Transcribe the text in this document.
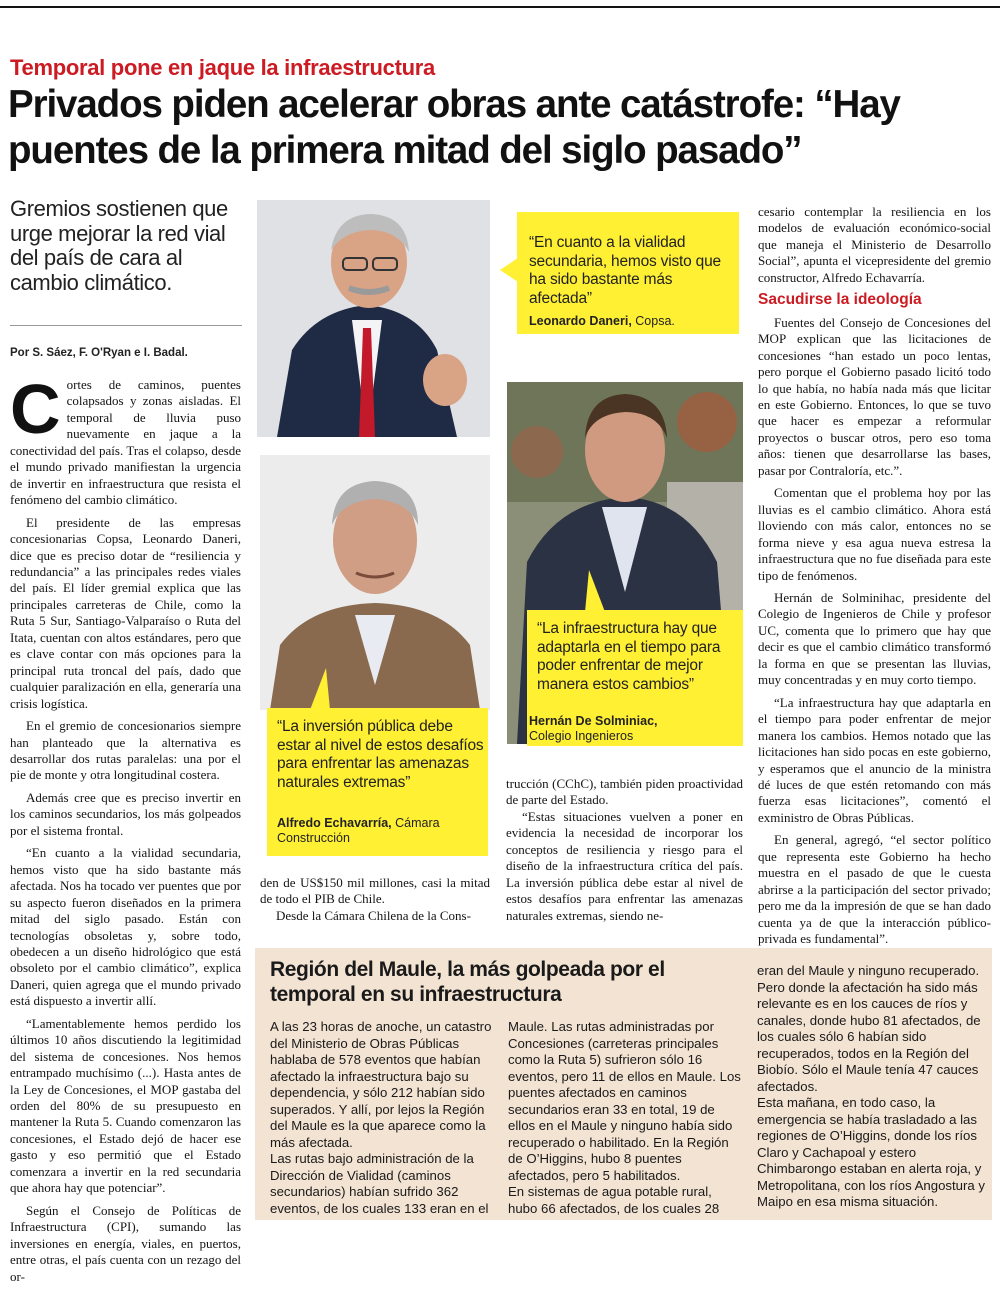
Temporal pone en jaque la infraestructura
Privados piden acelerar obras ante catástrofe: “Hay puentes de la primera mitad del siglo pasado”
Gremios sostienen que urge mejorar la red vial del país de cara al cambio climático.
Por S. Sáez, F. O'Ryan e I. Badal.
C ortes de caminos, puentes colapsados y zonas aisladas. El temporal de lluvia puso nuevamente en jaque a la conectividad del país. Tras el colapso, desde el mundo privado manifiestan la urgencia de invertir en infraestructura que resista el fenómeno del cambio climático.

El presidente de las empresas concesionarias Copsa, Leonardo Daneri, dice que es preciso dotar de “resiliencia y redundancia” a las principales redes viales del país. El líder gremial explica que las principales carreteras de Chile, como la Ruta 5 Sur, Santiago-Valparaíso o Ruta del Itata, cuentan con altos estándares, pero que es clave contar con más opciones para la principal ruta troncal del país, dado que cualquier paralización en ella, generaría una crisis logística.

En el gremio de concesionarios siempre han planteado que la alternativa es desarrollar dos rutas paralelas: una por el pie de monte y otra longitudinal costera.

Además cree que es preciso invertir en los caminos secundarios, los más golpeados por el sistema frontal.

“En cuanto a la vialidad secundaria, hemos visto que ha sido bastante más afectada. Nos ha tocado ver puentes que por su aspecto fueron diseñados en la primera mitad del siglo pasado. Están con tecnologías obsoletas y, sobre todo, obedecen a un diseño hidrológico que está obsoleto por el cambio climático”, explica Daneri, quien agrega que el mundo privado está dispuesto a invertir allí.

“Lamentablemente hemos perdido los últimos 10 años discutiendo la legitimidad del sistema de concesiones. Nos hemos entrampado muchísimo (...). Hasta antes de la Ley de Concesiones, el MOP gastaba del orden del 80% de su presupuesto en mantener la Ruta 5. Cuando comenzaron las concesiones, el Estado dejó de hacer ese gasto y eso permitió que el Estado comenzara a invertir en la red secundaria que ahora hay que potenciar”.

Según el Consejo de Políticas de Infraestructura (CPI), sumando las inversiones en energía, viales, en puertos, entre otras, el país cuenta con un rezago del or-

“En cuanto a la vialidad secundaria, hemos visto que ha sido bastante más afectada”
Leonardo Daneri, Copsa.
“La inversión pública debe estar al nivel de estos desafíos para enfrentar las amenazas naturales extremas”
Alfredo Echavarría, Cámara Construcción
“La infraestructura hay que adaptarla en el tiempo para poder enfrentar de mejor manera estos cambios”
Hernán De Solminiac,
Colegio Ingenieros

den de US$150 mil millones, casi la mitad de todo el PIB de Chile.

Desde la Cámara Chilena de la Cons-

trucción (CChC), también piden proactividad de parte del Estado.

“Estas situaciones vuelven a poner en evidencia la necesidad de incorporar los conceptos de resiliencia y riesgo para el diseño de la infraestructura crítica del país. La inversión pública debe estar al nivel de estos desafíos para enfrentar las amenazas naturales extremas, siendo ne-

cesario contemplar la resiliencia en los modelos de evaluación económico-social que maneja el Ministerio de Desarrollo Social”, apunta el vicepresidente del gremio constructor, Alfredo Echavarría.

Sacudirse la ideología

Fuentes del Consejo de Concesiones del MOP explican que las licitaciones de concesiones “han estado un poco lentas, pero porque el Gobierno pasado licitó todo lo que había, no había nada más que licitar en este Gobierno. Entonces, lo que se tuvo que hacer es empezar a reformular proyectos o buscar otros, pero eso toma años: tienen que desarrollarse las bases, pasar por Contraloría, etc.”.

Comentan que el problema hoy por las lluvias es el cambio climático. Ahora está lloviendo con más calor, entonces no se forma nieve y esa agua nueva estresa la infraestructura que no fue diseñada para este tipo de fenómenos.

Hernán de Solminihac, presidente del Colegio de Ingenieros de Chile y profesor UC, comenta que lo primero que hay que decir es que el cambio climático transformó la forma en que se presentan las lluvias, muy concentradas y en muy corto tiempo.

“La infraestructura hay que adaptarla en el tiempo para poder enfrentar de mejor manera los cambios. Hemos notado que las licitaciones han sido pocas en este gobierno, y esperamos que el anuncio de la ministra dé luces de que estén retomando con más fuerza esas licitaciones”, comentó el exministro de Obras Públicas.

En general, agregó, “el sector político que representa este Gobierno ha hecho muestra en el pasado de que le cuesta abrirse a la participación del sector privado; pero me da la impresión de que se han dado cuenta ya de que la interacción público-privada es fundamental”.

Región del Maule, la más golpeada por el temporal en su infraestructura

A las 23 horas de anoche, un catastro del Ministerio de Obras Públicas hablaba de 578 eventos que habían afectado la infraestructura bajo su dependencia, y sólo 212 habían sido superados. Y allí, por lejos la Región del Maule es la que aparece como la más afectada.

Las rutas bajo administración de la Dirección de Vialidad (caminos secundarios) habían sufrido 362 eventos, de los cuales 133 eran en el

Maule. Las rutas administradas por Concesiones (carreteras principales como la Ruta 5) sufrieron sólo 16 eventos, pero 11 de ellos en Maule. Los puentes afectados en caminos secundarios eran 33 en total, 19 de ellos en el Maule y ninguno había sido recuperado o habilitado. En la Región de O’Higgins, hubo 8 puentes afectados, pero 5 habilitados.

En sistemas de agua potable rural, hubo 66 afectados, de los cuales 28

eran del Maule y ninguno recuperado. Pero donde la afectación ha sido más relevante es en los cauces de ríos y canales, donde hubo 81 afectados, de los cuales sólo 6 habían sido recuperados, todos en la Región del Biobío. Sólo el Maule tenía 47 cauces afectados.

Esta mañana, en todo caso, la emergencia se había trasladado a las regiones de O’Higgins, donde los ríos Claro y Cachapoal y estero Chimbarongo estaban en alerta roja, y Metropolitana, con los ríos Angostura y Maipo en esa misma situación.
